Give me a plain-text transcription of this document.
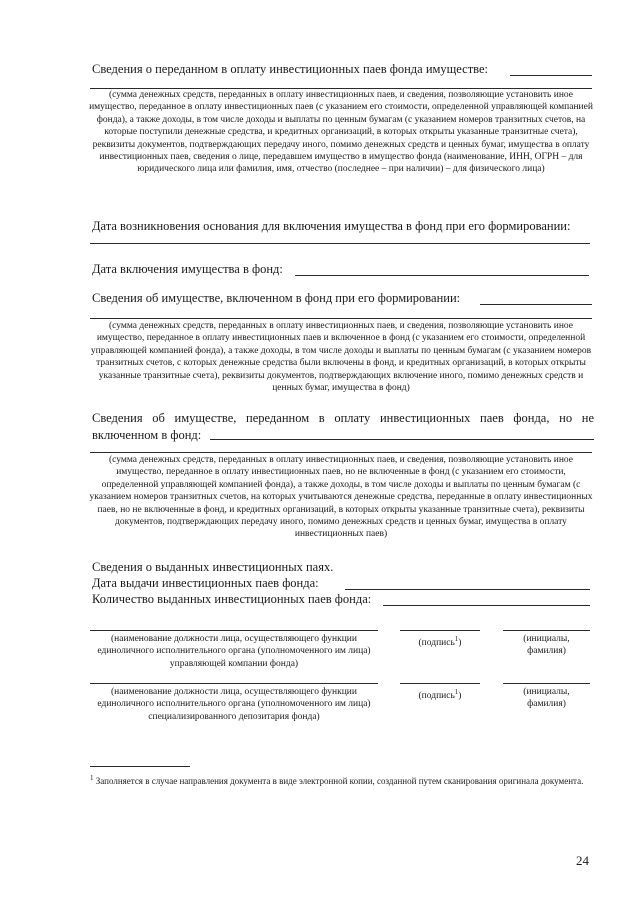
Сведения о переданном в оплату инвестиционных паев фонда имуществе:
(сумма денежных средств, переданных в оплату инвестиционных паев, и сведения, позволяющие установить иное имущество, переданное в оплату инвестиционных паев (с указанием его стоимости, определенной управляющей компанией фонда), а также доходы, в том числе доходы и выплаты по ценным бумагам (с указанием номеров транзитных счетов, на которые поступили денежные средства, и кредитных организаций, в которых открыты указанные транзитные счета), реквизиты документов, подтверждающих передачу иного, помимо денежных средств и ценных бумаг, имущества в оплату инвестиционных паев, сведения о лице, передавшем имущество в имущество фонда (наименование, ИНН, ОГРН – для юридического лица или фамилия, имя, отчество (последнее – при наличии) – для физического лица)
Дата возникновения основания для включения имущества в фонд при его формировании:
Дата включения имущества в фонд:
Сведения об имуществе, включенном в фонд при его формировании:
(сумма денежных средств, переданных в оплату инвестиционных паев, и сведения, позволяющие установить иное имущество, переданное в оплату инвестиционных паев и включенное в фонд (с указанием его стоимости, определенной управляющей компанией фонда), а также доходы, в том числе доходы и выплаты по ценным бумагам (с указанием номеров транзитных счетов, с которых денежные средства были включены в фонд, и кредитных организаций, в которых открыты указанные транзитные счета), реквизиты документов, подтверждающих включение иного, помимо денежных средств и ценных бумаг, имущества в фонд)
Сведения об имуществе, переданном в оплату инвестиционных паев фонда, но не включенном в фонд:
(сумма денежных средств, переданных в оплату инвестиционных паев, и сведения, позволяющие установить иное имущество, переданное в оплату инвестиционных паев, но не включенные в фонд (с указанием его стоимости, определенной управляющей компанией фонда), а также доходы, в том числе доходы и выплаты по ценным бумагам (с указанием номеров транзитных счетов, на которых учитываются денежные средства, переданные в оплату инвестиционных паев, но не включенные в фонд, и кредитных организаций, в которых открыты указанные транзитные счета), реквизиты документов, подтверждающих передачу иного, помимо денежных средств и ценных бумаг, имущества в оплату инвестиционных паев)
Сведения о выданных инвестиционных паях.
Дата выдачи инвестиционных паев фонда:
Количество выданных инвестиционных паев фонда:
(наименование должности лица, осуществляющего функции единоличного исполнительного органа (уполномоченного им лица) управляющей компании фонда)
(подпись$^1$)	(инициалы, фамилия)
(наименование должности лица, осуществляющего функции единоличного исполнительного органа (уполномоченного им лица) специализированного депозитария фонда)
(подпись$^1$)	(инициалы, фамилия)
$^1$ Заполняется в случае направления документа в виде электронной копии, созданной путем сканирования оригинала документа.
24
